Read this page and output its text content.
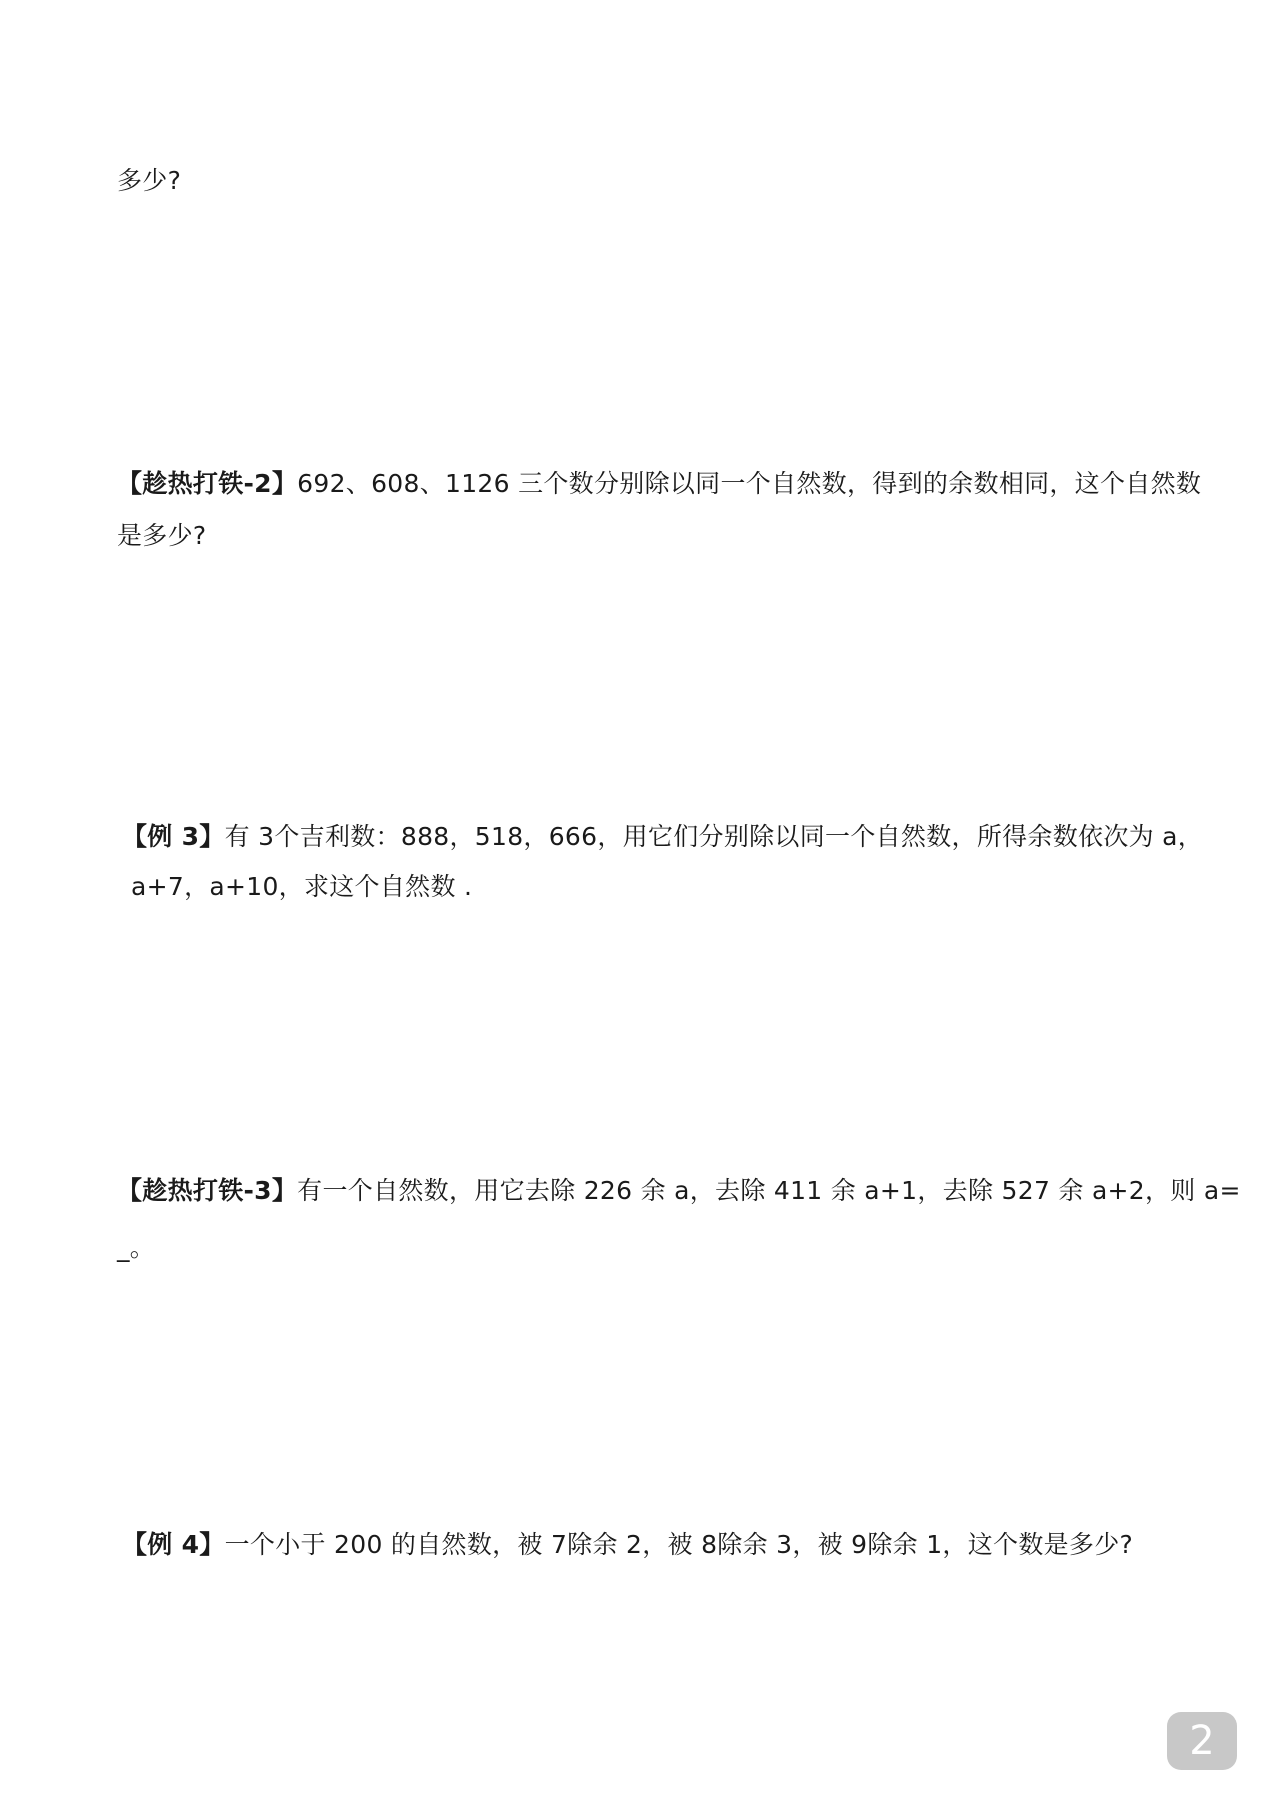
多少?
【趁热打铁-2】692、608、1126 三个数分别除以同一个自然数，得到的余数相同，这个自然数
是多少?
【例 3】有 3个吉利数：888，518，666，用它们分别除以同一个自然数，所得余数依次为 a，
a+7，a+10，求这个自然数 .
【趁热打铁-3】有一个自然数，用它去除 226 余 a，去除 411 余 a+1，去除 527 余 a+2，则 a=
_。
【例 4】一个小于 200 的自然数，被 7除余 2，被 8除余 3，被 9除余 1，这个数是多少?
2
